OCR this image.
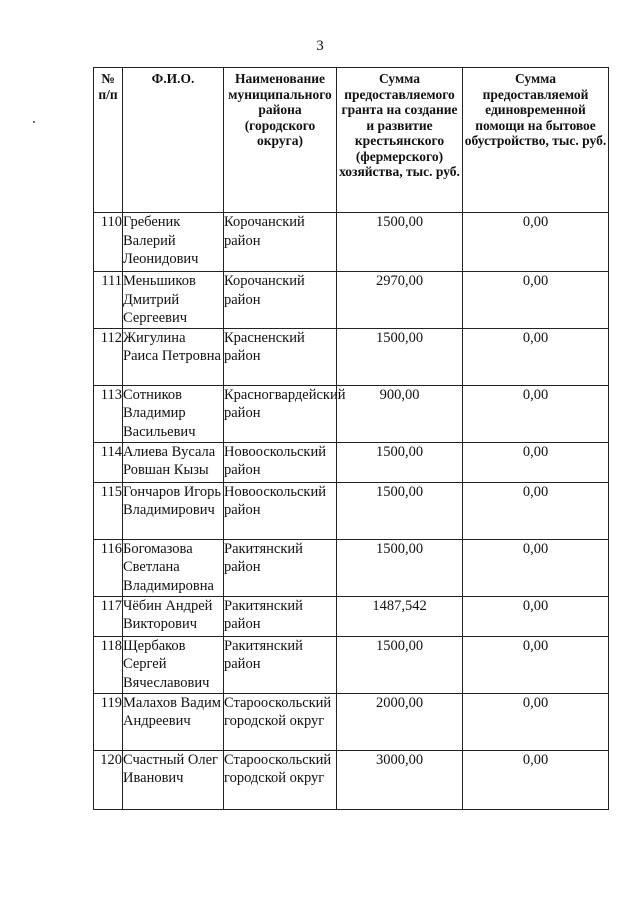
3
№ п/п	Ф.И.О.	Наименование муниципального района (городского округа)	Сумма предоставляемого гранта на создание и развитие крестьянского (фермерского) хозяйства, тыс. руб.	Сумма предоставляемой единовременной помощи на бытовое обустройство, тыс. руб.
110	Гребеник Валерий Леонидович	Корочанский район	1500,00	0,00
111	Меньшиков Дмитрий Сергеевич	Корочанский район	2970,00	0,00
112	Жигулина Раиса Петровна	Красненский район	1500,00	0,00
113	Сотников Владимир Васильевич	Красногвардейский район	900,00	0,00
114	Алиева Вусала Ровшан Кызы	Новооскольский район	1500,00	0,00
115	Гончаров Игорь Владимирович	Новооскольский район	1500,00	0,00
116	Богомазова Светлана Владимировна	Ракитянский район	1500,00	0,00
117	Чёбин Андрей Викторович	Ракитянский район	1487,542	0,00
118	Щербаков Сергей Вячеславович	Ракитянский район	1500,00	0,00
119	Малахов Вадим Андреевич	Старооскольский городской округ	2000,00	0,00
120	Счастный Олег Иванович	Старооскольский городской округ	3000,00	0,00
